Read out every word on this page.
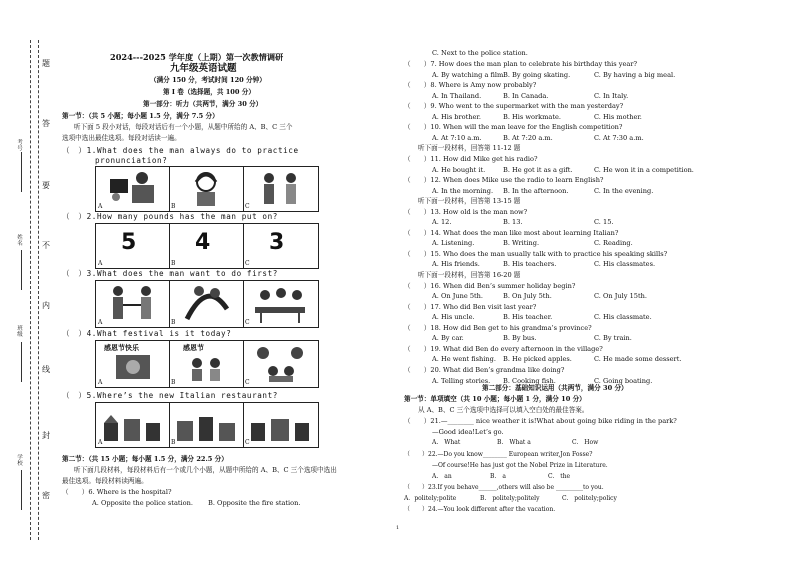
题
答
要
不
内
线
封
密
考号
姓名
班级
学校
2024---2025 学年度（上期）第一次教情调研
九年级英语试题
（满分 150 分，考试时间 120 分钟）
第 I 卷（选择题，共 100 分）
第一部分：听力（共两节，满分 30 分）
第一节：（共 5 小题；每小题 1.5 分，满分 7.5 分）
听下面 5 段小对话，每段对话后有一个小题，从题中所给的 A、B、C 三个
选项中选出最佳选项。每段对话读一遍。
（　）1.What does the man always do to practice
pronunciation?
A	B	C
（　）2.How many pounds has the man put on?
5
A
4
B
3
C
（　）3.What does the man want to do first?
A	B	C
（　）4.What festival is it today?
感恩节快乐
A
感恩节
B	C
（　）5.Where’s the new Italian restaurant?
A	B	C
第二节：（共 15 小题；每小题 1.5 分，满分 22.5 分）
听下面几段材料，每段材料后有一个或几个小题，从题中所给的 A、B、C 三个选项中选出
最佳选项。每段材料读两遍。
（　　）6. Where is the hospital?
A. Opposite the police station. B. Opposite the fire station.
C. Next to the police station.
（　　）7. How does the man plan to celebrate his birthday this year?
A. By watching a film.
B. By going skating.	C. By having a big meal.
（　　）8. Where is Amy now probably?
A. In Thailand.	B. In Canada.	C. In Italy.
（　　）9. Who went to the supermarket with the man yesterday?
A. His brother.	B. His workmate.	C. His mother.
（　　）10. When will the man leave for the English competition?
A. At 7:10 a.m.	B. At 7:20 a.m.	C. At 7:30 a.m.
听下面一段材料，回答第 11-12 题
（　　）11. How did Mike get his radio?
A. He bought it.	B. He got it as a gift.	C. He won it in a competition.
（　　）12. When does Mike use the radio to learn English?
A. In the morning. B. In the afternoon.	C. In the evening.
听下面一段材料，回答第 13-15 题
（　　）13. How old is the man now?
A. 12.	B. 13.	C. 15.
（　　）14. What does the man like most about learning Italian?
A. Listening.	B. Writing.	C. Reading.
（　　）15. Who does the man usually talk with to practice his speaking skills?
A. His friends.	B. His teachers.	C. His classmates.
听下面一段材料，回答第 16-20 题
（　　）16. When did Ben’s summer holiday begin?
A. On June 5th.	B. On July 5th.	C. On July 15th.
（　　）17. Who did Ben visit last year?
A. His uncle.	B. His teacher.	C. His classmate.
（　　）18. How did Ben get to his grandma’s province?
A. By car.	B. By bus.	C. By train.
（　　）19. What did Ben do every afternoon in the village?
A. He went fishing. B. He picked apples.	C. He made some dessert.
（　　）20. What did Ben’s grandma like doing?
A. Telling stories. B. Cooking fish.	C. Going boating.
第二部分：基础知识运用（共两节，满分 30 分）
第一节：单项填空（共 10 小题；每小题 1 分，满分 10 分）
从 A、B、C 三个选项中选择可以填入空白处的最佳答案。
（　　）21.—________ nice weather it is!What about going bike riding in the park?
—Good idea!Let’s go.
A.　What	B.　What a	C.　How
（　　）22.—Do you know________ European writer,Jon Fosse?
—Of course!He has just got the Nobel Prize in Literature.
A.　an	B.　a	C.　the
（　　）23.If you behave______,others will also be _________to you.
A．politely;polite	B.　politely;politely	C.　politely;policy
（　　）24.—You look different after the vacation.
1
